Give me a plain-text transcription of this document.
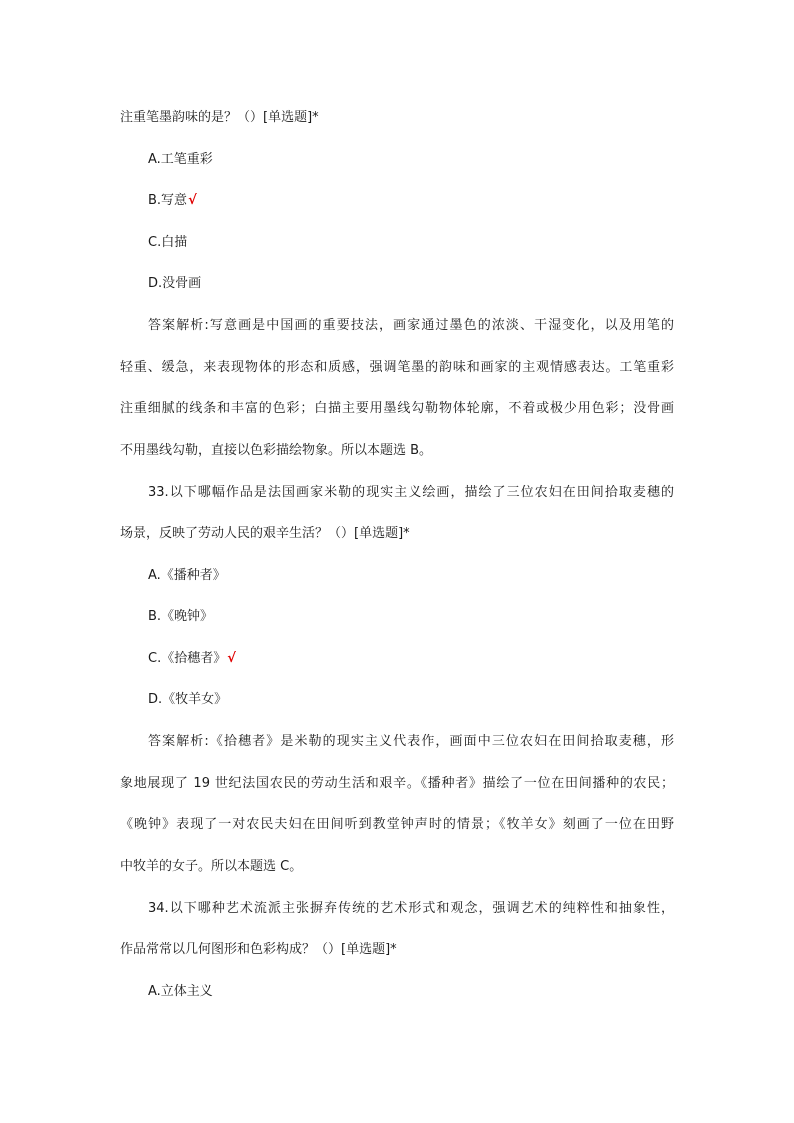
注重笔墨韵味的是？（）[单选题]*
A.工笔重彩
B.写意√
C.白描
D.没骨画
答案解析:写意画是中国画的重要技法，画家通过墨色的浓淡、干湿变化，以及用笔的
轻重、缓急，来表现物体的形态和质感，强调笔墨的韵味和画家的主观情感表达。工笔重彩
注重细腻的线条和丰富的色彩；白描主要用墨线勾勒物体轮廓，不着或极少用色彩；没骨画
不用墨线勾勒，直接以色彩描绘物象。所以本题选 B。
33.以下哪幅作品是法国画家米勒的现实主义绘画，描绘了三位农妇在田间拾取麦穗的
场景，反映了劳动人民的艰辛生活？（）[单选题]*
A.《播种者》
B.《晚钟》
C.《拾穗者》√
D.《牧羊女》
答案解析:《拾穗者》是米勒的现实主义代表作，画面中三位农妇在田间拾取麦穗，形
象地展现了 19 世纪法国农民的劳动生活和艰辛。《播种者》描绘了一位在田间播种的农民；
《晚钟》表现了一对农民夫妇在田间听到教堂钟声时的情景；《牧羊女》刻画了一位在田野
中牧羊的女子。所以本题选 C。
34.以下哪种艺术流派主张摒弃传统的艺术形式和观念，强调艺术的纯粹性和抽象性，
作品常常以几何图形和色彩构成？（）[单选题]*
A.立体主义
